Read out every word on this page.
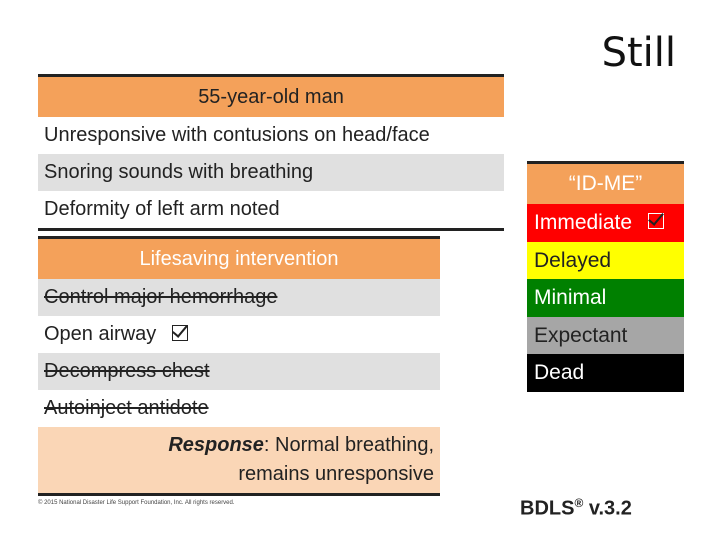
Still
55-year-old man
Unresponsive with contusions on head/face
Snoring sounds with breathing
Deformity of left arm noted
Lifesaving intervention
Control major hemorrhage
Open airway
Decompress chest
Autoinject antidote
Response: Normal breathing,
remains unresponsive
“ID-ME”
Immediate
Delayed
Minimal
Expectant
Dead
© 2015 National Disaster Life Support Foundation, Inc. All rights reserved.	BDLS® v.3.2
